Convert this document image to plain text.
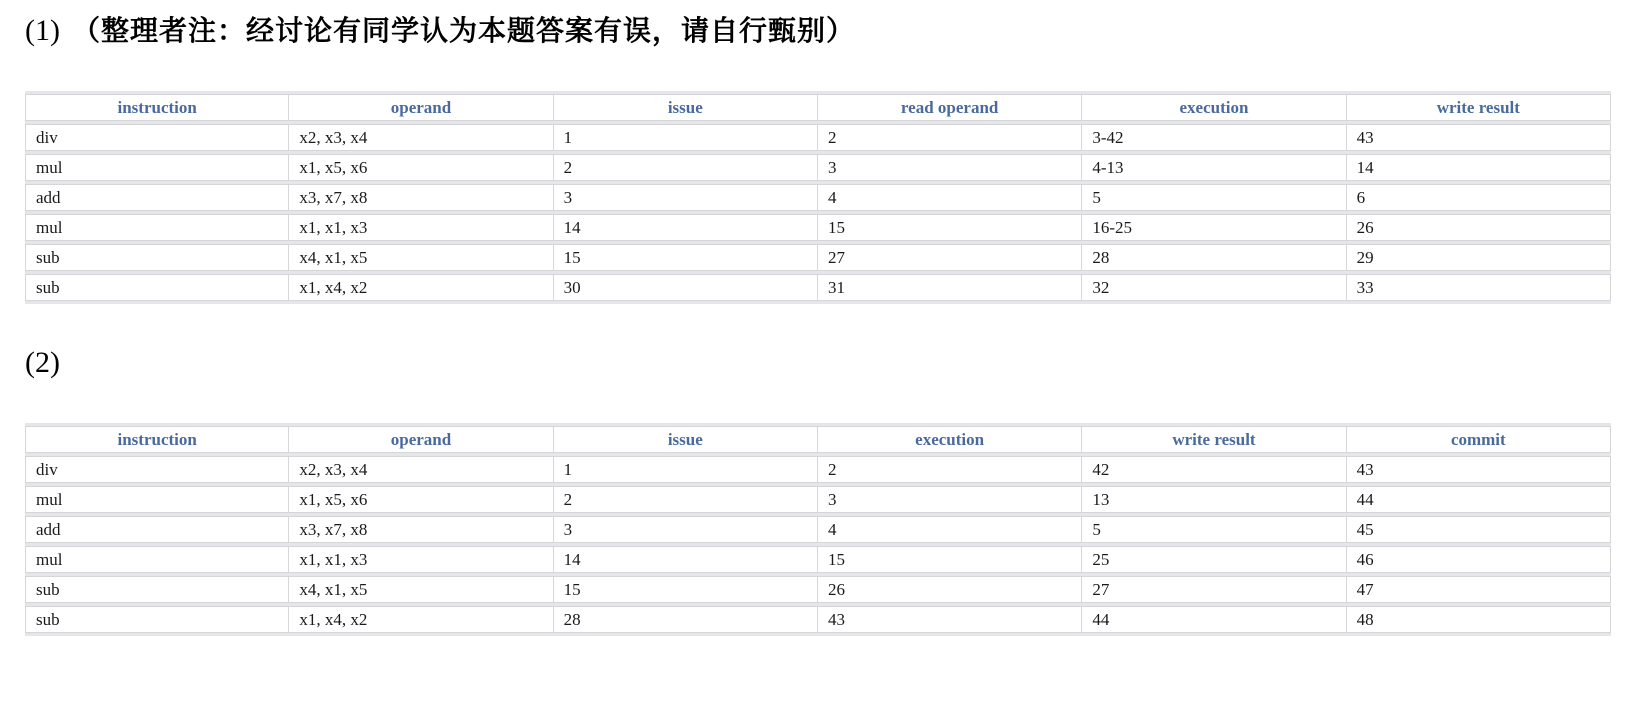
(1) （整理者注：经讨论有同学认为本题答案有误，请自行甄别）
instruction	operand	issue	read operand	execution	write result
div	x2, x3, x4	1	2	3-42	43
mul	x1, x5, x6	2	3	4-13	14
add	x3, x7, x8	3	4	5	6
mul	x1, x1, x3	14	15	16-25	26
sub	x4, x1, x5	15	27	28	29
sub	x1, x4, x2	30	31	32	33
(2)
instruction	operand	issue	execution	write result	commit
div	x2, x3, x4	1	2	42	43
mul	x1, x5, x6	2	3	13	44
add	x3, x7, x8	3	4	5	45
mul	x1, x1, x3	14	15	25	46
sub	x4, x1, x5	15	26	27	47
sub	x1, x4, x2	28	43	44	48
